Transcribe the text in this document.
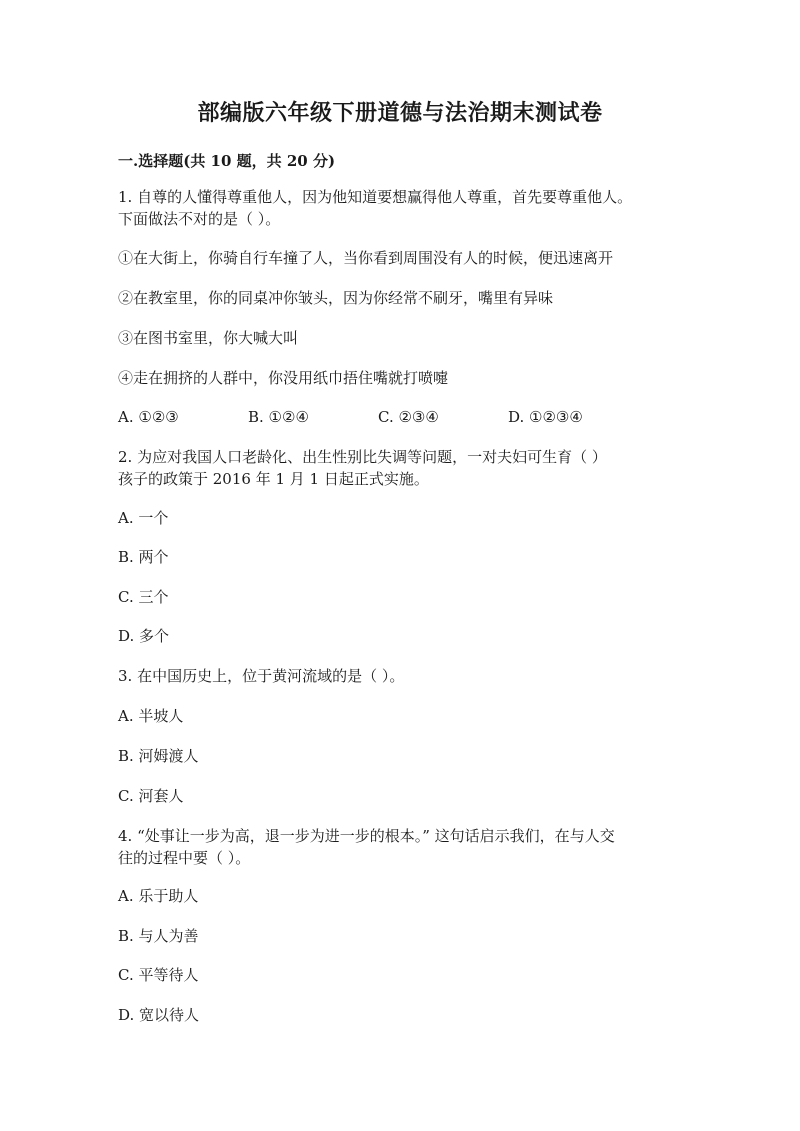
部编版六年级下册道德与法治期末测试卷
一.选择题(共 10 题，共 20 分)
1. 自尊的人懂得尊重他人，因为他知道要想赢得他人尊重，首先要尊重他人。
下面做法不对的是（ ）。
①在大街上，你骑自行车撞了人，当你看到周围没有人的时候，便迅速离开
②在教室里，你的同桌冲你皱头，因为你经常不刷牙，嘴里有异味
③在图书室里，你大喊大叫
④走在拥挤的人群中，你没用纸巾捂住嘴就打喷嚏
A. ①②③	B. ①②④	C. ②③④	D. ①②③④
2. 为应对我国人口老龄化、出生性别比失调等问题，一对夫妇可生育（ ）
孩子的政策于 2016 年 1 月 1 日起正式实施。
A. 一个
B. 两个
C. 三个
D. 多个
3. 在中国历史上，位于黄河流域的是（ ）。
A. 半坡人
B. 河姆渡人
C. 河套人
4. “处事让一步为高，退一步为进一步的根本。” 这句话启示我们，在与人交
往的过程中要（ ）。
A. 乐于助人
B. 与人为善
C. 平等待人
D. 宽以待人
